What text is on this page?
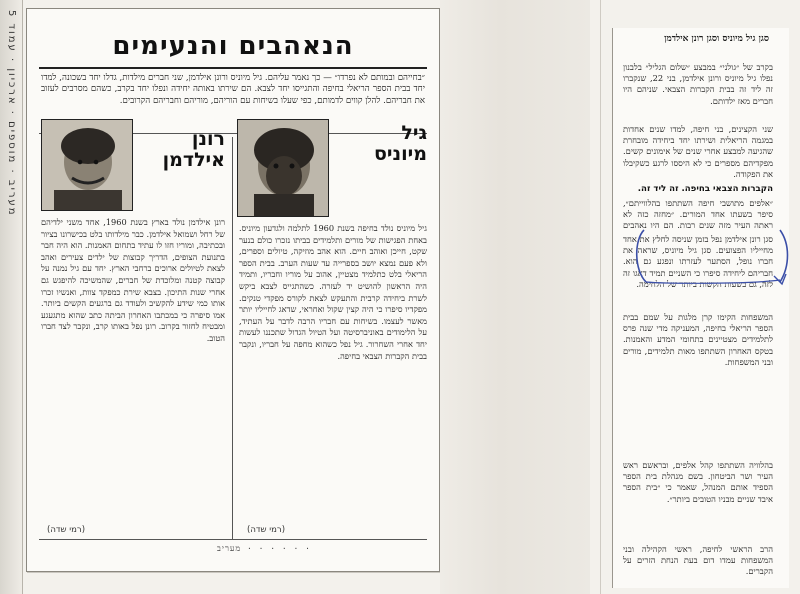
מעריב · מוספים · ארכיון · עמוד 5	הנאהבים והנעימים
״בחייהם ובמותם לא נפרדו״ — כך נאמר עליהם. גיל מיוניס ורונן אילדמן, שני חברים מילדות, גדלו יחד בשכונה, למדו יחד בבית הספר הריאלי בחיפה והתגייסו יחד לצבא. הם שירתו באותה יחידה ונפלו יחד בקרב, כשהם מסרבים לעזוב את חבריהם. להלן קווים לדמותם, כפי שעלו בשיחות עם הוריהם, מוריהם וחבריהם הקרובים.
גיל
מיוניס
גיל מיוניס נולד בחיפה בשנת 1960 לתלמה ולגדעון מיוניס. באחת הפגישות של מורים ותלמידים בביתו נזכרו כולם בנער שקט, חייכן ואוהב חיים. הוא אהב מוזיקה, טיולים וספרים, ולא פעם נמצא יושב בספרייה עד שעות הערב. בבית הספר הריאלי בלט כתלמיד מצטיין, אהוב על מוריו וחבריו, ותמיד היה הראשון להושיט יד לעזרה. כשהתגייס לצבא ביקש לשרת ביחידה קרבית והתעקש לצאת לקורס מפקדי טנקים. מפקדיו סיפרו כי היה קצין שקול ואחראי, שדאג לחייליו יותר מאשר לעצמו. בשיחות עם חבריו הרבה לדבר על העתיד, על הלימודים באוניברסיטה ועל הטיול הגדול שתכננו לעשות יחד אחרי השחרור. גיל נפל כשהוא מחפה על חבריו, ונקבר בבית הקברות הצבאי בחיפה.
(רמי שדה)
רונן
אילדמן
רונן אילדמן נולד בארץ בשנת 1960, אחד משני ילדיהם של רחל ושמואל אילדמן. כבר מילדותו בלט בכישרונו בציור ובכתיבה, ומוריו חזו לו עתיד בתחום האמנות. הוא היה חבר בתנועת הצופים, הדריך קבוצות של ילדים צעירים ואהב לצאת לטיולים ארוכים ברחבי הארץ. יחד עם גיל נמנה על קבוצה קטנה ומלוכדת של חברים, שהמשיכה להיפגש גם אחרי שנות התיכון. בצבא שירת כמפקד צוות, ואנשיו זכרו אותו כמי שידע להקשיב ולעודד גם ברגעים הקשים ביותר. אמו סיפרה כי במכתבו האחרון הביתה כתב שהוא מתגעגע ומבטיח לחזור בקרוב. רונן נפל באותו קרב, ונקבר לצד חברו הטוב.
(רמי שדה)
מעריב · · · · · ·
סגן גיל מיוניס וסגן רונן אילדמן
בקרב של ״גולני״ במבצע ״שלום הגליל״ בלבנון נפלו גיל מיוניס ורונן אילדמן, בני 22, שנקברו זה ליד זה בבית הקברות הצבאי. שניהם היו חברים מאז ילדותם.
שני הקצינים, בני חיפה, למדו שנים אחדות במגמה הריאלית ושירתו יחד ביחידה מובחרת שהגיעה למבצע אחרי שנים של אימונים קשים. מפקדיהם מספרים כי לא היססו לרגע כשקיבלו את הפקודה.
הקברות הצבאי בחיפה. זה ליד זה.
״אלפים מתושבי חיפה השתתפו בהלווייתם״, סיפר בשעתו אחד המורים. ״מחזה כזה לא ראתה העיר מזה שנים רבות. הם היו נאהבים
סגן רונן אילדמן נפל בזמן שניסה לחלץ את אחד מחייליו הפצועים. סגן גיל מיוניס, שראה את חברו נופל, הסתער לעזרתו ונפגע גם הוא. חבריהם ליחידה סיפרו כי השניים תמיד דאגו זה לזה, גם בשעות הקשות ביותר של הלחימה.
המשפחות הקימו קרן מלגות על שמם בבית הספר הריאלי בחיפה, המעניקה מדי שנה פרס לתלמידים מצטיינים בתחומי המדע והאמנות. בטקס האחרון השתתפו מאות תלמידים, מורים ובני המשפחות.
בהלוויה השתתפו קהל אלפים, ובראשם ראש העיר ושר הביטחון. בשם מנהלת בית הספר הספיד אותם המנהל, שאמר כי ״בית הספר איבד שניים מבניו הטובים ביותר״.
הרב הראשי לחיפה, ראשי הקהילה ובני המשפחות עמדו דום בעת הנחת הזרים על הקברים.
